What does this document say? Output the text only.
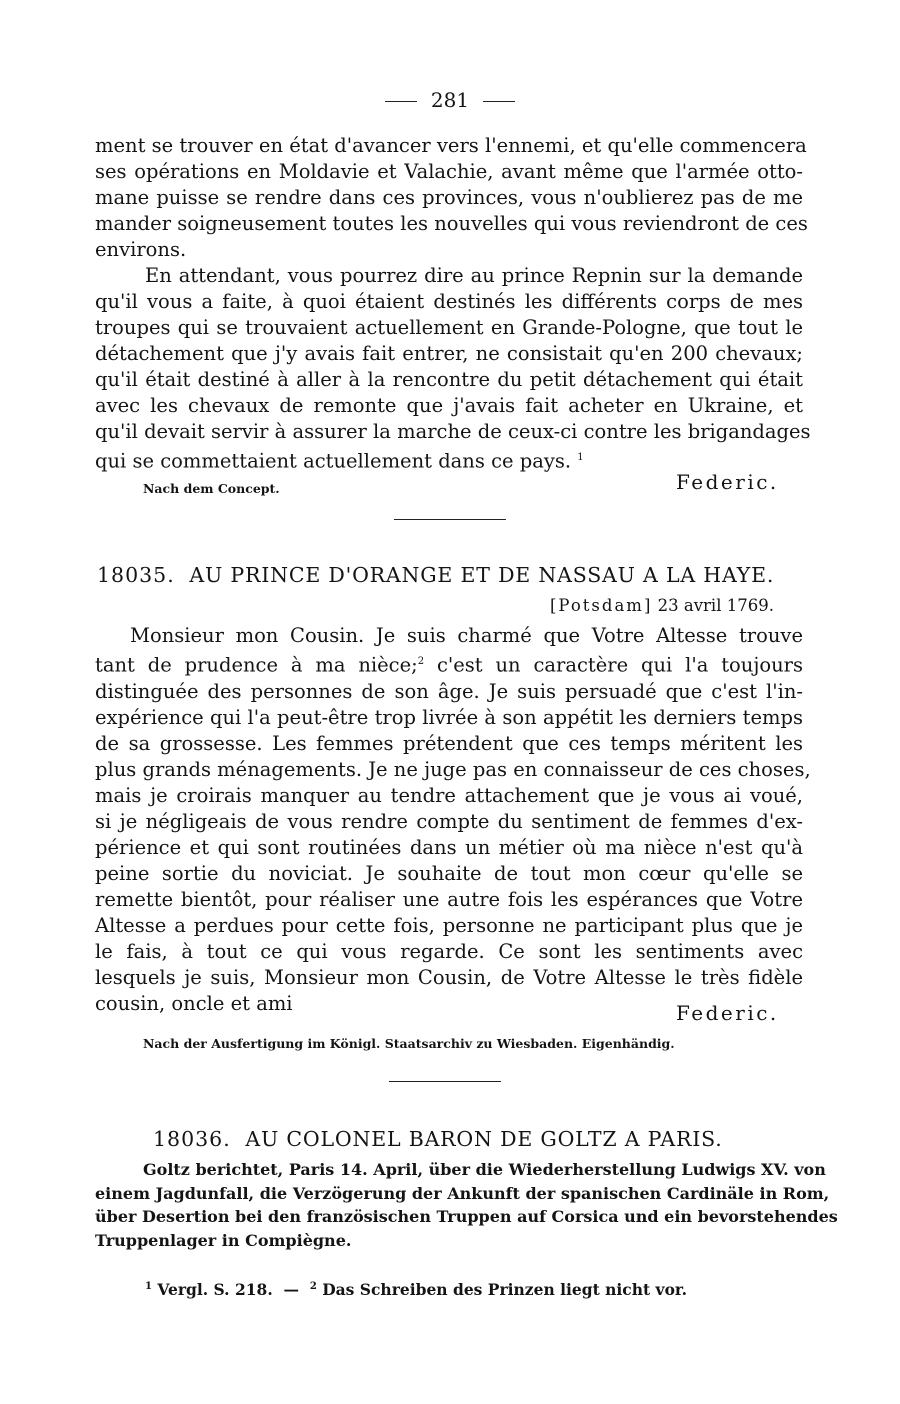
281

ment se trouver en état d'avancer vers l'ennemi, et qu'elle commencera
ses opérations en Moldavie et Valachie, avant même que l'armée otto-
mane puisse se rendre dans ces provinces, vous n'oublierez pas de me
mander soigneusement toutes les nouvelles qui vous reviendront de ces
environs.

En attendant, vous pourrez dire au prince Repnin sur la demande
qu'il vous a faite, à quoi étaient destinés les différents corps de mes
troupes qui se trouvaient actuellement en Grande-Pologne, que tout le
détachement que j'y avais fait entrer, ne consistait qu'en 200 chevaux;
qu'il était destiné à aller à la rencontre du petit détachement qui était
avec les chevaux de remonte que j'avais fait acheter en Ukraine, et
qu'il devait servir à assurer la marche de ceux-ci contre les brigandages
qui se commettaient actuellement dans ce pays. $^1$

Nach dem Concept.	Federic.
18035. AU PRINCE D'ORANGE ET DE NASSAU A LA HAYE.
[Potsdam] 23 avril 1769.

Monsieur mon Cousin. Je suis charmé que Votre Altesse trouve
tant de prudence à ma nièce;$^2$ c'est un caractère qui l'a toujours
distinguée des personnes de son âge. Je suis persuadé que c'est l'in-
expérience qui l'a peut-être trop livrée à son appétit les derniers temps
de sa grossesse. Les femmes prétendent que ces temps méritent les
plus grands ménagements. Je ne juge pas en connaisseur de ces choses,
mais je croirais manquer au tendre attachement que je vous ai voué,
si je négligeais de vous rendre compte du sentiment de femmes d'ex-
périence et qui sont routinées dans un métier où ma nièce n'est qu'à
peine sortie du noviciat. Je souhaite de tout mon cœur qu'elle se
remette bientôt, pour réaliser une autre fois les espérances que Votre
Altesse a perdues pour cette fois, personne ne participant plus que je
le fais, à tout ce qui vous regarde. Ce sont les sentiments avec
lesquels je suis, Monsieur mon Cousin, de Votre Altesse le très fidèle
cousin, oncle et ami	Federic.
Nach der Ausfertigung im Königl. Staatsarchiv zu Wiesbaden. Eigenhändig.
18036. AU COLONEL BARON DE GOLTZ A PARIS.
Goltz berichtet, Paris 14. April, über die Wiederherstellung Ludwigs XV. von
einem Jagdunfall, die Verzögerung der Ankunft der spanischen Cardinäle in Rom,
über Desertion bei den französischen Truppen auf Corsica und ein bevorstehendes
Truppenlager in Compiègne.
$^1$ Vergl. S. 218. — $^2$ Das Schreiben des Prinzen liegt nicht vor.
